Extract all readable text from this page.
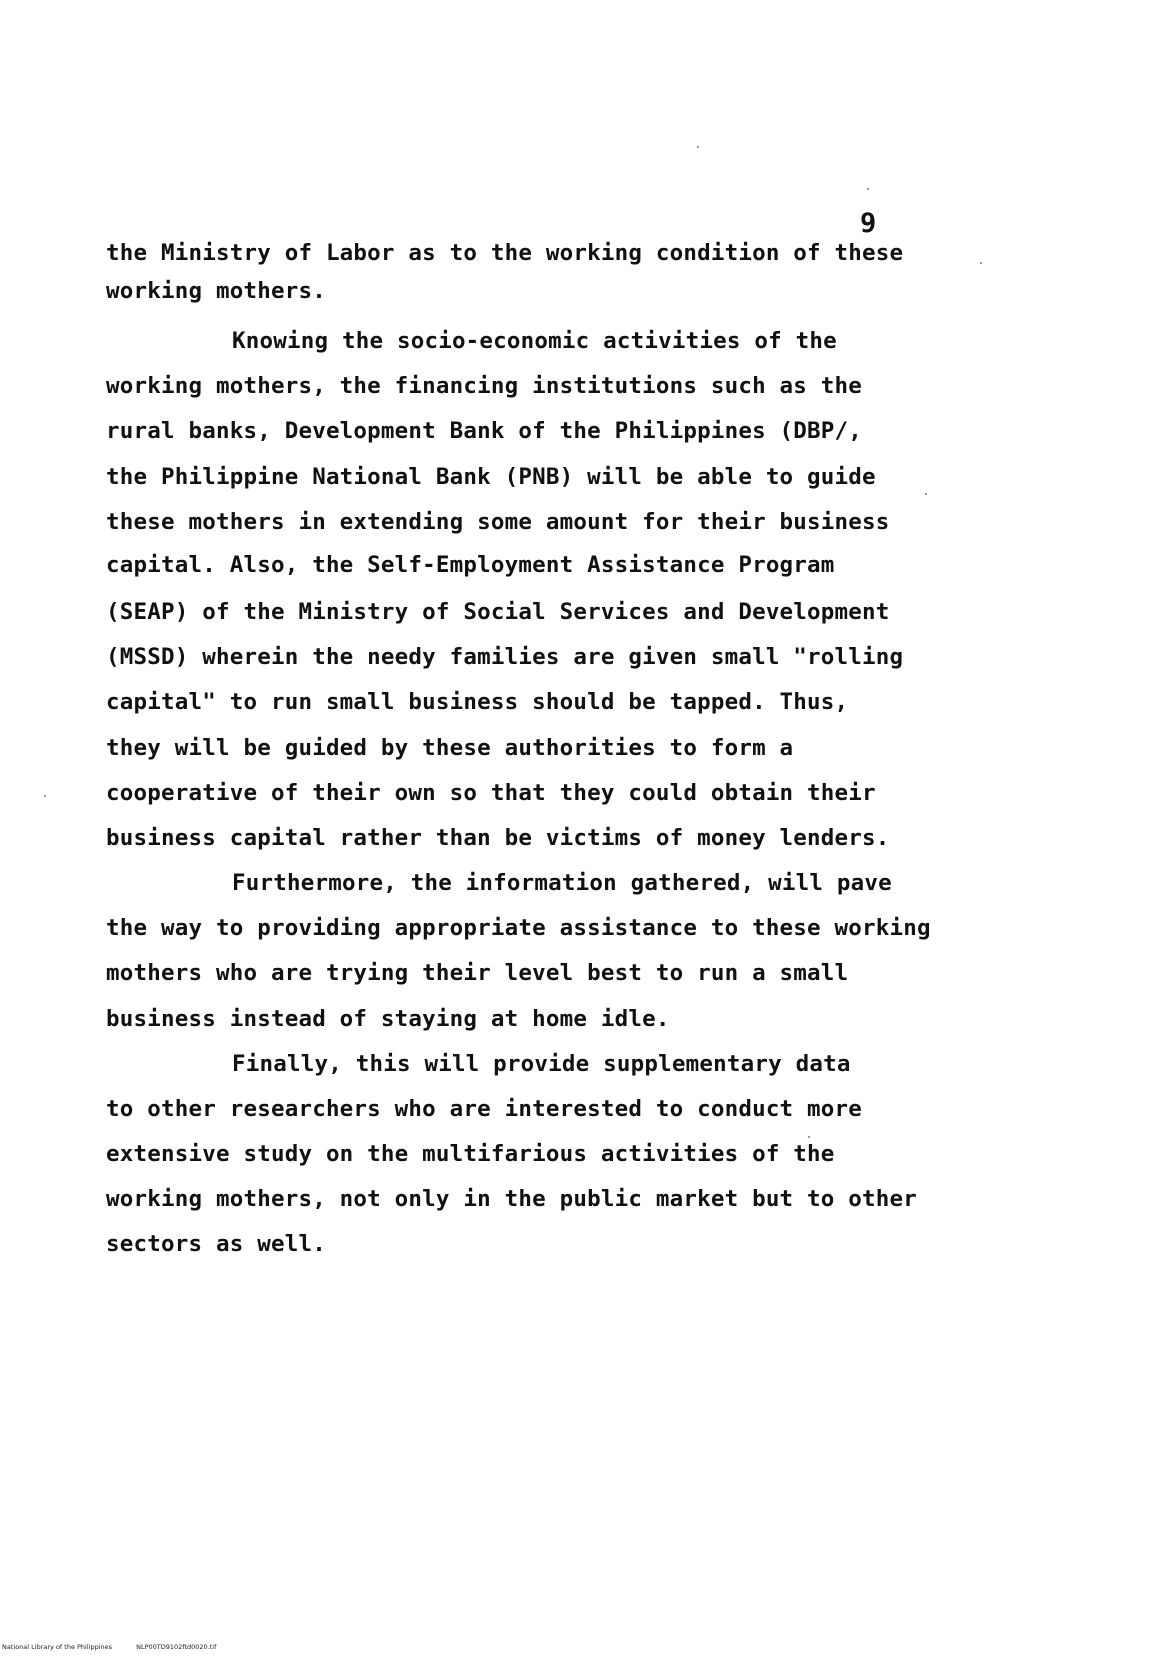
9
the Ministry of Labor as to the working condition of these
working mothers.
Knowing the socio-economic activities of the
working mothers, the financing institutions such as the
rural banks, Development Bank of the Philippines (DBP/,
the Philippine National Bank (PNB) will be able to guide
these mothers in extending some amount for their business
capital. Also, the Self-Employment Assistance Program
(SEAP) of the Ministry of Social Services and Development
(MSSD) wherein the needy families are given small "rolling
capital" to run small business should be tapped. Thus,
they will be guided by these authorities to form a
cooperative of their own so that they could obtain their
business capital rather than be victims of money lenders.
Furthermore, the information gathered, will pave
the way to providing appropriate assistance to these working
mothers who are trying their level best to run a small
business instead of staying at home idle.
Finally, this will provide supplementary data
to other researchers who are interested to conduct more
extensive study on the multifarious activities of the
working mothers, not only in the public market but to other
sectors as well.
National Library of the Philippines	NLP00TD9102ftd0020.tif
